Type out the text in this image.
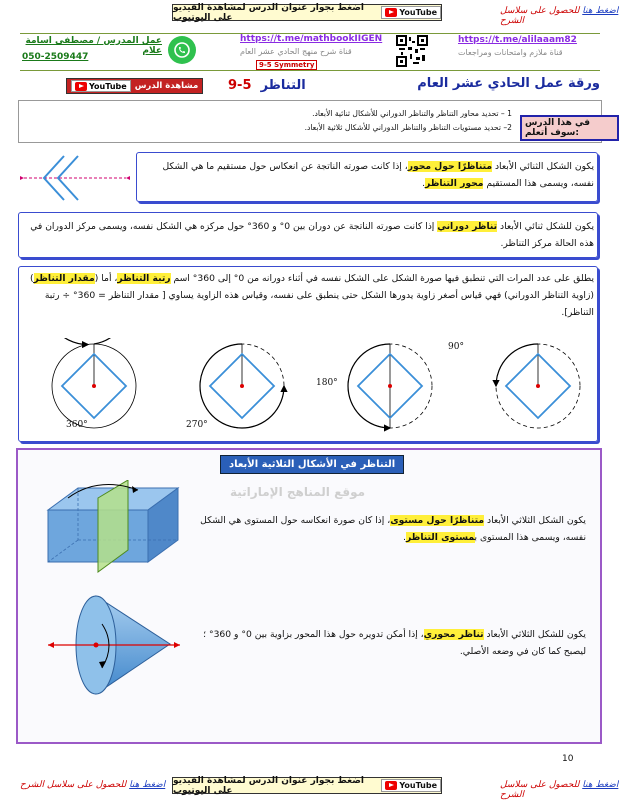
اضغط بجوار عنوان الدرس لمشاهدة الفيديو على اليوتيوب	YouTube	اضغط هنا للحصول على سلاسل الشرح
عمل المدرس / مصطفى اسامة علام
050-2509447
https://t.me/mathbookIIGEN
قناة شرح منهج الحادي عشر العام
9-5 Symmetry
https://t.me/alilaaam82
قناة ملازم وامتحانات ومراجعات
YouTube مشاهدة الدرس 9-5 التناظر	ورقة عمل الحادي عشر العام
في هذا الدرس سوف أتعلم:
1 – تحديد محاور التناظر والتناظر الدوراني للأشكال ثنائية الأبعاد.
2– تحديد مستويات التناظر والتناظر الدوراني للأشكال ثلاثية الأبعاد.
يكون الشكل الثنائي الأبعاد متناظرًا حول محور، إذا كانت صورته الناتجة عن انعكاس حول مستقيم ما هي الشكل نفسه، ويسمى هذا المستقيم محور التناظر.
يكون للشكل ثنائي الأبعاد تناظر دوراني إذا كانت صورته الناتجة عن دوران بين 0° و 360° حول مركزه هي الشكل نفسه، ويسمى مركز الدوران في هذه الحالة مركز التناظر.
يطلق على عدد المرات التي تنطبق فيها صورة الشكل على الشكل نفسه في أثناء دورانه من 0° إلى 360° اسم رتبة التناظر، أما (مقدار التناظر) (زاوية التناظر الدوراني) فهي قياس أصغر زاوية يدورها الشكل حتى ينطبق على نفسه، وقياس هذه الزاوية يساوي [ مقدار التناظر = 360° ÷ رتبة التناظر].
90°
180°
270°
360°
التناظر في الأشكال الثلاثية الأبعاد
موقع المناهج الإماراتية
يكون الشكل الثلاثي الأبعاد متناظرًا حول مستوى، إذا كان صورة انعكاسه حول المستوى هي الشكل نفسه، ويسمى هذا المستوى بمستوى التناظر.
يكون للشكل الثلاثي الأبعاد تناظر محوري، إذا أمكن تدويره حول هذا المحور بزاوية بين 0° و 360° ؛ ليصبح كما كان في وضعه الأصلي.
10
اضغط بجوار عنوان الدرس لمشاهدة الفيديو على اليوتيوب	YouTube	اضغط هنا للحصول على سلاسل الشرح
اضغط هنا للحصول على سلاسل الشرح
